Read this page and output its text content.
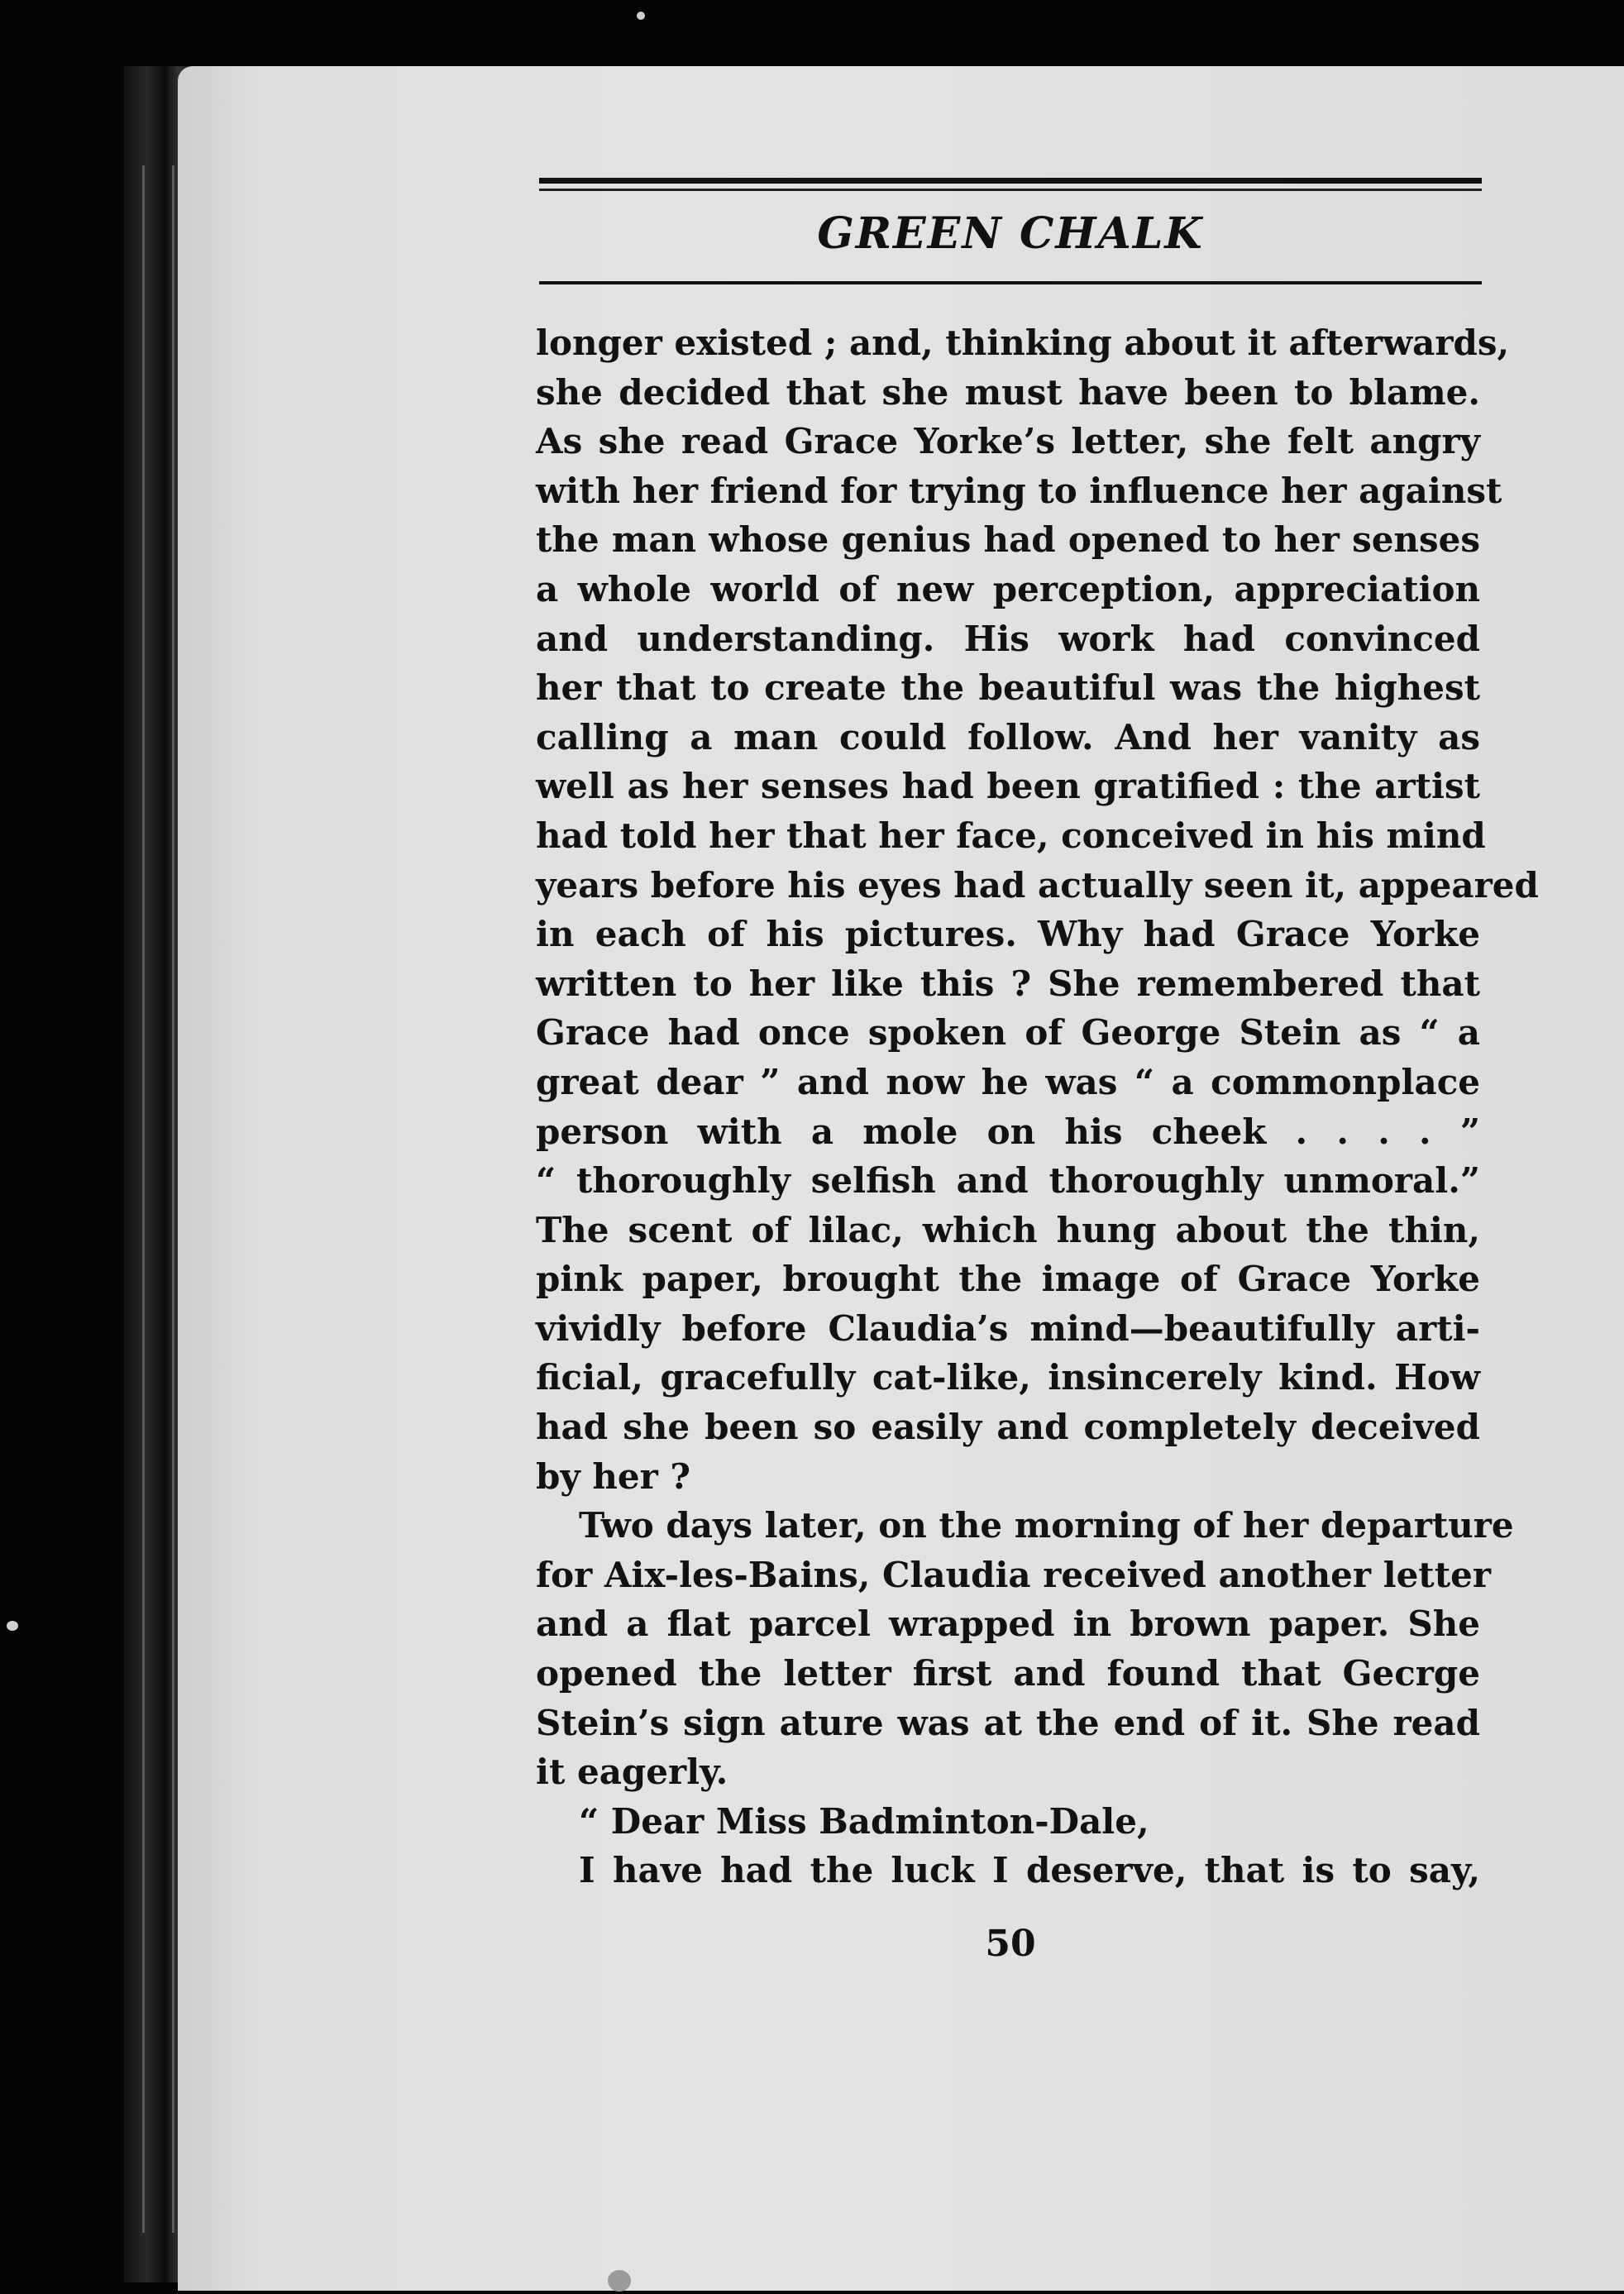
GREEN CHALK
longer existed ; and, thinking about it afterwards,
she decided that she must have been to blame.
As she read Grace Yorke’s letter, she felt angry
with her friend for trying to influence her against
the man whose genius had opened to her senses
a whole world of new perception, appreciation
and understanding. His work had convinced
her that to create the beautiful was the highest
calling a man could follow. And her vanity as
well as her senses had been gratified : the artist
had told her that her face, conceived in his mind
years before his eyes had actually seen it, appeared
in each of his pictures. Why had Grace Yorke
written to her like this ? She remembered that
Grace had once spoken of George Stein as “ a
great dear ” and now he was “ a commonplace
person with a mole on his cheek . . . . ”
“ thoroughly selfish and thoroughly unmoral.”
The scent of lilac, which hung about the thin,
pink paper, brought the image of Grace Yorke
vividly before Claudia’s mind—beautifully arti-
ficial, gracefully cat-like, insincerely kind. How
had she been so easily and completely deceived
by her ?
Two days later, on the morning of her departure
for Aix-les-Bains, Claudia received another letter
and a flat parcel wrapped in brown paper. She
opened the letter first and found that Gecrge
Stein’s sign ature was at the end of it. She read
it eagerly.
“ Dear Miss Badminton-Dale,
I have had the luck I deserve, that is to say,
50
